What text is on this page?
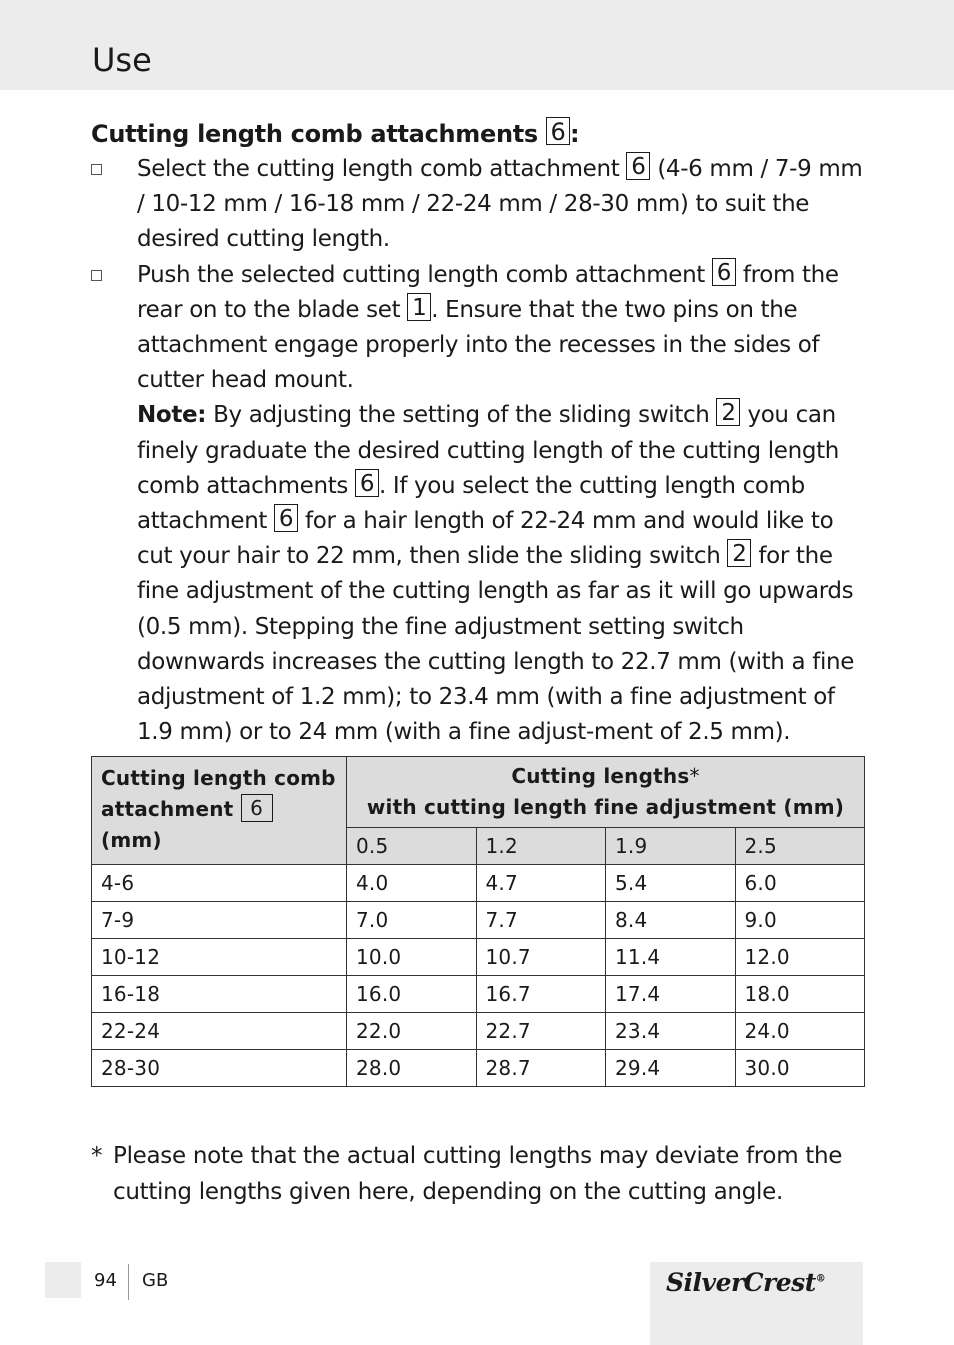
Use

Cutting length comb attachments 6 :

Select the cutting length comb attachment 6 (4-6 mm / 7-9 mm / 10-12 mm / 16-18 mm / 22-24 mm / 28-30 mm) to suit the desired cutting length.
Push the selected cutting length comb attachment 6 from the rear on to the blade set 1 . Ensure that the two pins on the attachment engage properly into the recesses in the sides of cutter head mount.
Note: By adjusting the setting of the sliding switch 2 you can finely graduate the desired cutting length of the cutting length comb attachments 6 . If you select the cutting length comb attachment 6 for a hair length of 22-24 mm and would like to cut your hair to 22 mm, then slide the sliding switch 2 for the fine adjustment of the cutting length as far as it will go upwards (0.5 mm). Stepping the fine adjustment setting switch downwards increases the cutting length to 22.7 mm (with a fine adjustment of 1.2 mm); to 23.4 mm (with a fine adjustment of 1.9 mm) or to 24 mm (with a fine adjust-ment of 2.5 mm).
Cutting length comb
attachment 6 (mm)	Cutting lengths*
with cutting length fine adjustment (mm)			
	0.5	1.2	1.9	2.5
4-6	4.0	4.7	5.4	6.0
7-9	7.0	7.7	8.4	9.0
10-12	10.0	10.7	11.4	12.0
16-18	16.0	16.7	17.4	18.0
22-24	22.0	22.7	23.4	24.0
28-30	28.0	28.7	29.4	30.0
* Please note that the actual cutting lengths may deviate from the cutting lengths given here, depending on the cutting angle.
94 GB	SilverCrest®
